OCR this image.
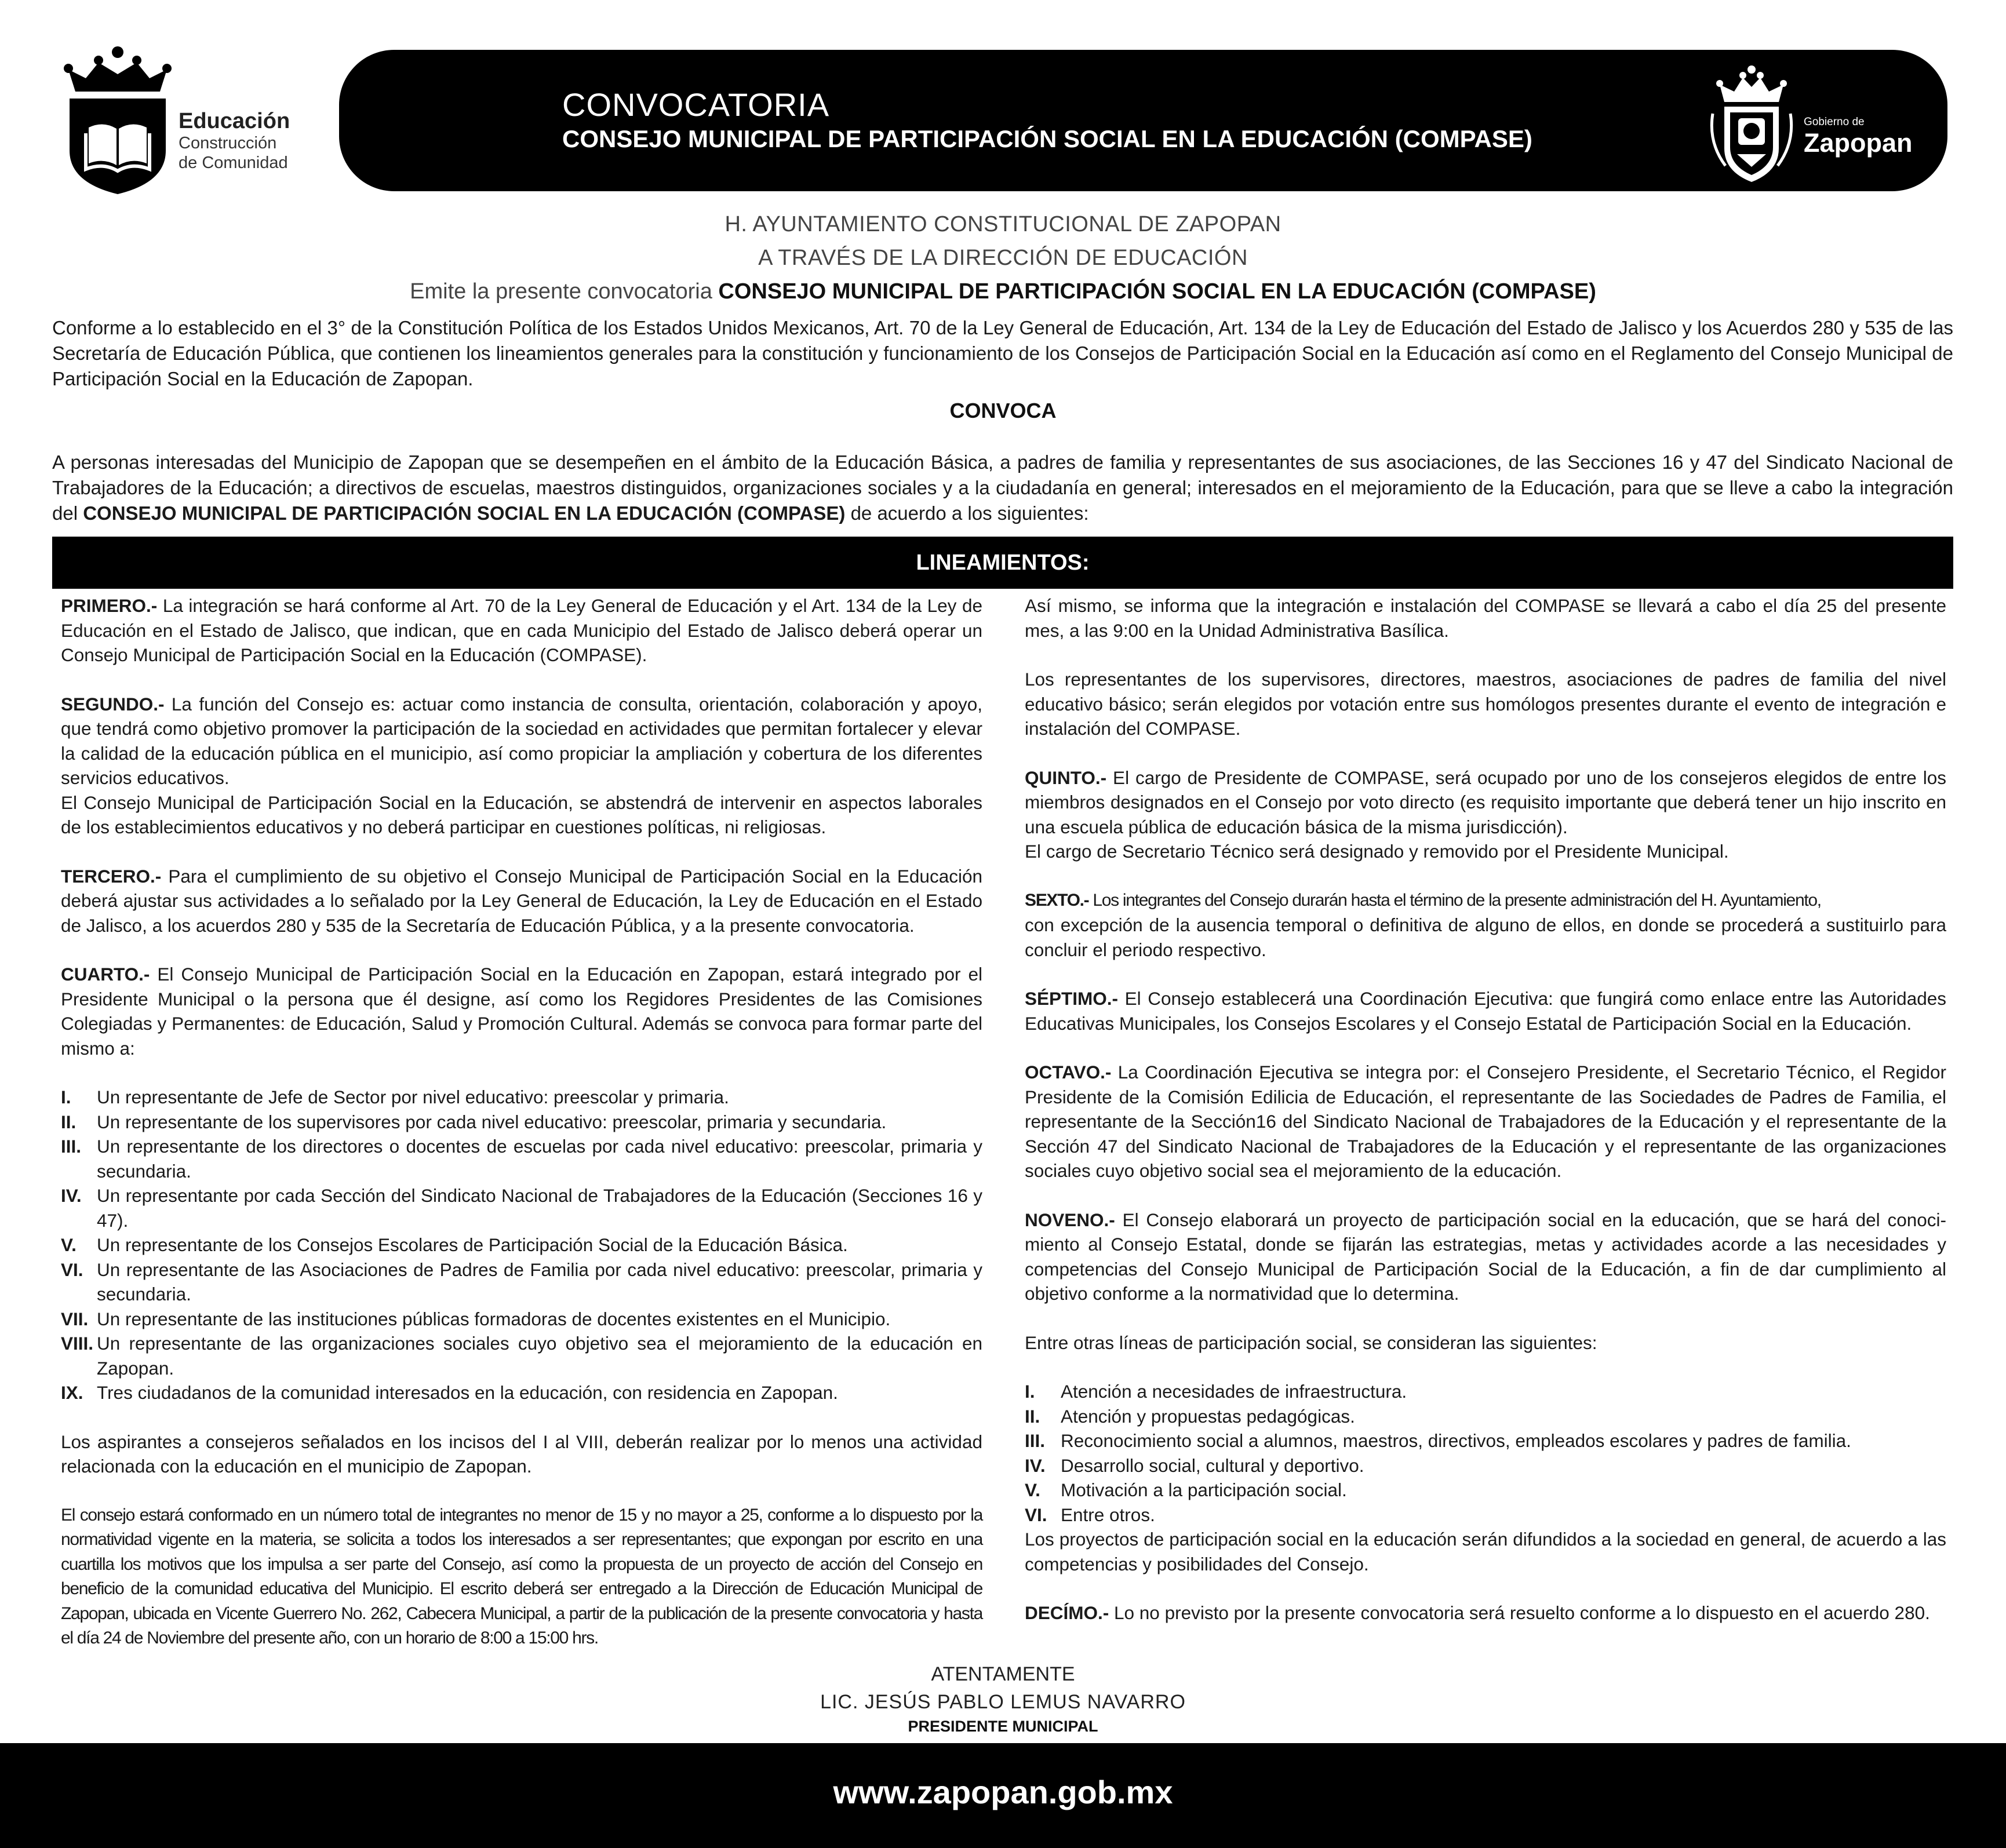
Educación
Construcción
de Comunidad
CONVOCATORIA
CONSEJO MUNICIPAL DE PARTICIPACIÓN SOCIAL EN LA EDUCACIÓN (COMPASE)
Gobierno de
Zapopan
H. AYUNTAMIENTO CONSTITUCIONAL DE ZAPOPAN
A TRAVÉS DE LA DIRECCIÓN DE EDUCACIÓN
Emite la presente convocatoria CONSEJO MUNICIPAL DE PARTICIPACIÓN SOCIAL EN LA EDUCACIÓN (COMPASE)
Conforme a lo establecido en el 3° de la Constitución Política de los Estados Unidos Mexicanos, Art. 70 de la Ley General de Educación, Art. 134 de la Ley de Educación del Estado de Jalisco y los Acuerdos 280 y 535 de las Secretaría de Educación Pública, que contienen los lineamientos generales para la constitución y funcionamiento de los Consejos de Participación Social en la Educación así como en el Reglamento del Consejo Municipal de Participación Social en la Educación de Zapopan.
CONVOCA
A personas interesadas del Municipio de Zapopan que se desempeñen en el ámbito de la Educación Básica, a padres de familia y representantes de sus asociaciones, de las Secciones 16 y 47 del Sindicato Nacional de Trabajadores de la Educación; a directivos de escuelas, maestros distinguidos, organizaciones sociales y a la ciudadanía en general; interesados en el mejoramiento de la Educación, para que se lleve a cabo la integración del CONSEJO MUNICIPAL DE PARTICIPACIÓN SOCIAL EN LA EDUCACIÓN (COMPASE) de acuerdo a los siguientes:
LINEAMIENTOS:
PRIMERO.- La integración se hará conforme al Art. 70 de la Ley General de Educación y el Art. 134 de la Ley de Educación en el Estado de Jalisco, que indican, que en cada Municipio del Estado de Jalisco deberá operar un Consejo Municipal de Participación Social en la Educación (COMPASE).
SEGUNDO.- La función del Consejo es: actuar como instancia de consulta, orientación, colaboración y apoyo, que tendrá como objetivo promover la participación de la sociedad en actividades que permitan fortalecer y elevar la calidad de la educación pública en el municipio, así como propiciar la ampliación y cobertura de los diferentes servicios educativos.
El Consejo Municipal de Participación Social en la Educación, se abstendrá de intervenir en aspectos laborales de los establecimientos educativos y no deberá participar en cuestiones políticas, ni religiosas.
TERCERO.- Para el cumplimiento de su objetivo el Consejo Municipal de Participación Social en la Educación deberá ajustar sus actividades a lo señalado por la Ley General de Educación, la Ley de Educación en el Estado de Jalisco, a los acuerdos 280 y 535 de la Secretaría de Educación Pública, y a la presente convocatoria.
CUARTO.- El Consejo Municipal de Participación Social en la Educación en Zapopan, estará integrado por el Presidente Municipal o la persona que él designe, así como los Regidores Presidentes de las Comisiones Colegiadas y Permanentes: de Educación, Salud y Promoción Cultural. Además se convoca para formar parte del mismo a:
I.	Un representante de Jefe de Sector por nivel educativo: preescolar y primaria.
II.	Un representante de los supervisores por cada nivel educativo: preescolar, primaria y secundaria.
III. Un representante de los directores o docentes de escuelas por cada nivel educativo: preescolar, primaria y secundaria.
IV. Un representante por cada Sección del Sindicato Nacional de Trabajadores de la Educación (Secciones 16 y 47).
V.	Un representante de los Consejos Escolares de Participación Social de la Educación Básica.
VI. Un representante de las Asociaciones de Padres de Familia por cada nivel educativo: preescolar, primaria y secundaria.
VII. Un representante de las instituciones públicas formadoras de docentes existentes en el Municipio.
VIII. Un representante de las organizaciones sociales cuyo objetivo sea el mejoramiento de la educación en Zapopan.
IX. Tres ciudadanos de la comunidad interesados en la educación, con residencia en Zapopan.
Los aspirantes a consejeros señalados en los incisos del I al VIII, deberán realizar por lo menos una actividad relacionada con la educación en el municipio de Zapopan.
El consejo estará conformado en un número total de integrantes no menor de 15 y no mayor a 25, conforme a lo dispuesto por la normatividad vigente en la materia, se solicita a todos los interesados a ser representantes; que expongan por escrito en una cuartilla los motivos que los impulsa a ser parte del Consejo, así como la propuesta de un proyecto de acción del Consejo en beneficio de la comunidad educativa del Municipio. El escrito deberá ser entregado a la Dirección de Educación Municipal de Zapopan, ubicada en Vicente Guerrero No. 262, Cabecera Municipal, a partir de la publicación de la presente convocatoria y hasta el día 24 de Noviembre del presente año, con un horario de 8:00 a 15:00 hrs.
Así mismo, se informa que la integración e instalación del COMPASE se llevará a cabo el día 25 del presente mes, a las 9:00 en la Unidad Administrativa Basílica.
Los representantes de los supervisores, directores, maestros, asociaciones de padres de familia del nivel educativo básico; serán elegidos por votación entre sus homólogos presentes durante el evento de integración e instalación del COMPASE.
QUINTO.- El cargo de Presidente de COMPASE, será ocupado por uno de los consejeros elegidos de entre los miembros designados en el Consejo por voto directo (es requisito importante que deberá tener un hijo inscrito en una escuela pública de educación básica de la misma jurisdicción).
El cargo de Secretario Técnico será designado y removido por el Presidente Municipal.
SEXTO.- Los integrantes del Consejo durarán hasta el término de la presente administración del H. Ayuntamiento,
con excepción de la ausencia temporal o definitiva de alguno de ellos, en donde se procederá a sustituirlo para concluir el periodo respectivo.
SÉPTIMO.- El Consejo establecerá una Coordinación Ejecutiva: que fungirá como enlace entre las Autoridades Educativas Municipales, los Consejos Escolares y el Consejo Estatal de Participación Social en la Educación.
OCTAVO.- La Coordinación Ejecutiva se integra por: el Consejero Presidente, el Secretario Técnico, el Regidor Presidente de la Comisión Edilicia de Educación, el representante de las Sociedades de Padres de Familia, el representante de la Sección16 del Sindicato Nacional de Trabajadores de la Educación y el representante de la Sección 47 del Sindicato Nacional de Trabajadores de la Educación y el representante de las organizaciones sociales cuyo objetivo social sea el mejoramiento de la educación.
NOVENO.- El Consejo elaborará un proyecto de participación social en la educación, que se hará del conoci-miento al Consejo Estatal, donde se fijarán las estrategias, metas y actividades acorde a las necesidades y competencias del Consejo Municipal de Participación Social de la Educación, a fin de dar cumplimiento al objetivo conforme a la normatividad que lo determina.
Entre otras líneas de participación social, se consideran las siguientes:
I.	Atención a necesidades de infraestructura.
II.	Atención y propuestas pedagógicas.
III. Reconocimiento social a alumnos, maestros, directivos, empleados escolares y padres de familia.
IV. Desarrollo social, cultural y deportivo.
V.	Motivación a la participación social.
VI. Entre otros.
Los proyectos de participación social en la educación serán difundidos a la sociedad en general, de acuerdo a las competencias y posibilidades del Consejo.
DECÍMO.- Lo no previsto por la presente convocatoria será resuelto conforme a lo dispuesto en el acuerdo 280.
ATENTAMENTE
LIC. JESÚS PABLO LEMUS NAVARRO
PRESIDENTE MUNICIPAL
www.zapopan.gob.mx
